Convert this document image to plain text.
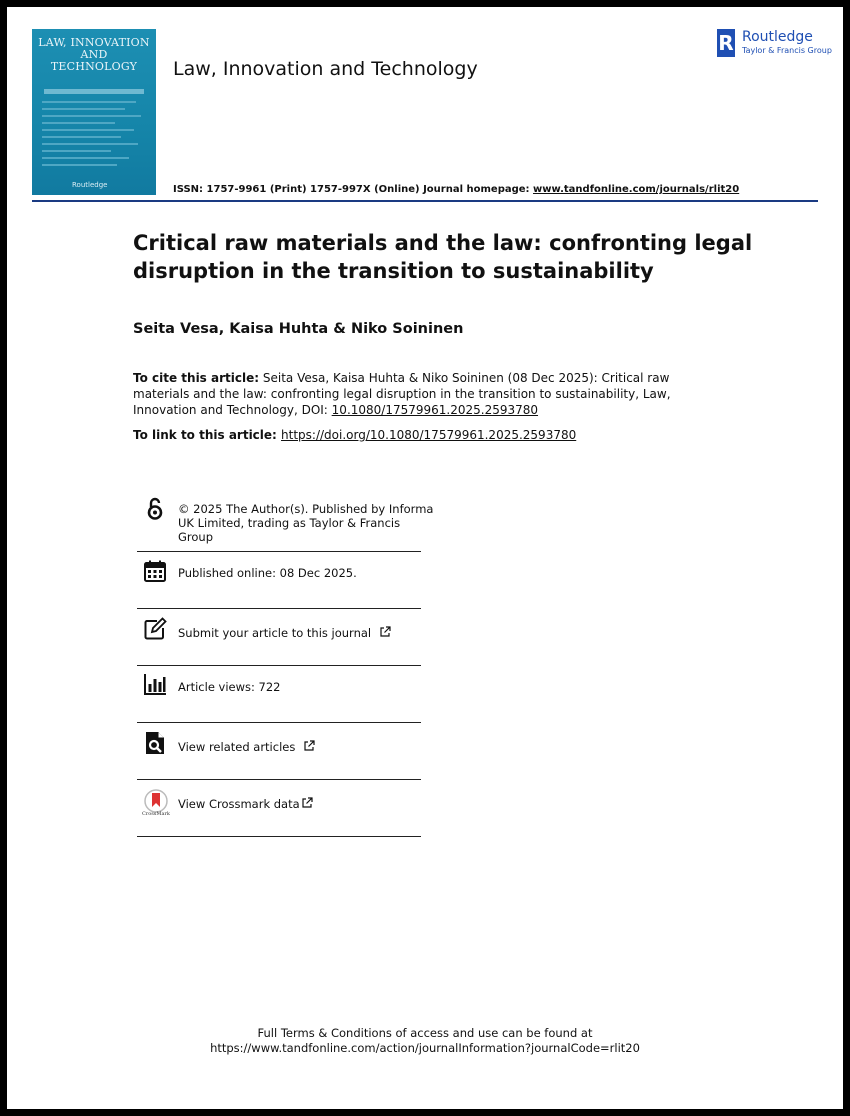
LAW, INNOVATION AND TECHNOLOGY
Routledge
Law, Innovation and Technology
R Routledge
Taylor & Francis Group
ISSN: 1757-9961 (Print) 1757-997X (Online) Journal homepage: www.tandfonline.com/journals/rlit20
Critical raw materials and the law: confronting legal disruption in the transition to sustainability
Seita Vesa, Kaisa Huhta & Niko Soininen
To cite this article: Seita Vesa, Kaisa Huhta & Niko Soininen (08 Dec 2025): Critical raw materials and the law: confronting legal disruption in the transition to sustainability, Law, Innovation and Technology, DOI: 10.1080/17579961.2025.2593780
To link to this article: https://doi.org/10.1080/17579961.2025.2593780
© 2025 The Author(s). Published by Informa
UK Limited, trading as Taylor & Francis
Group
Published online: 08 Dec 2025.
Submit your article to this journal
Article views: 722
View related articles
CrossMark
View Crossmark data
Full Terms & Conditions of access and use can be found at
https://www.tandfonline.com/action/journalInformation?journalCode=rlit20
